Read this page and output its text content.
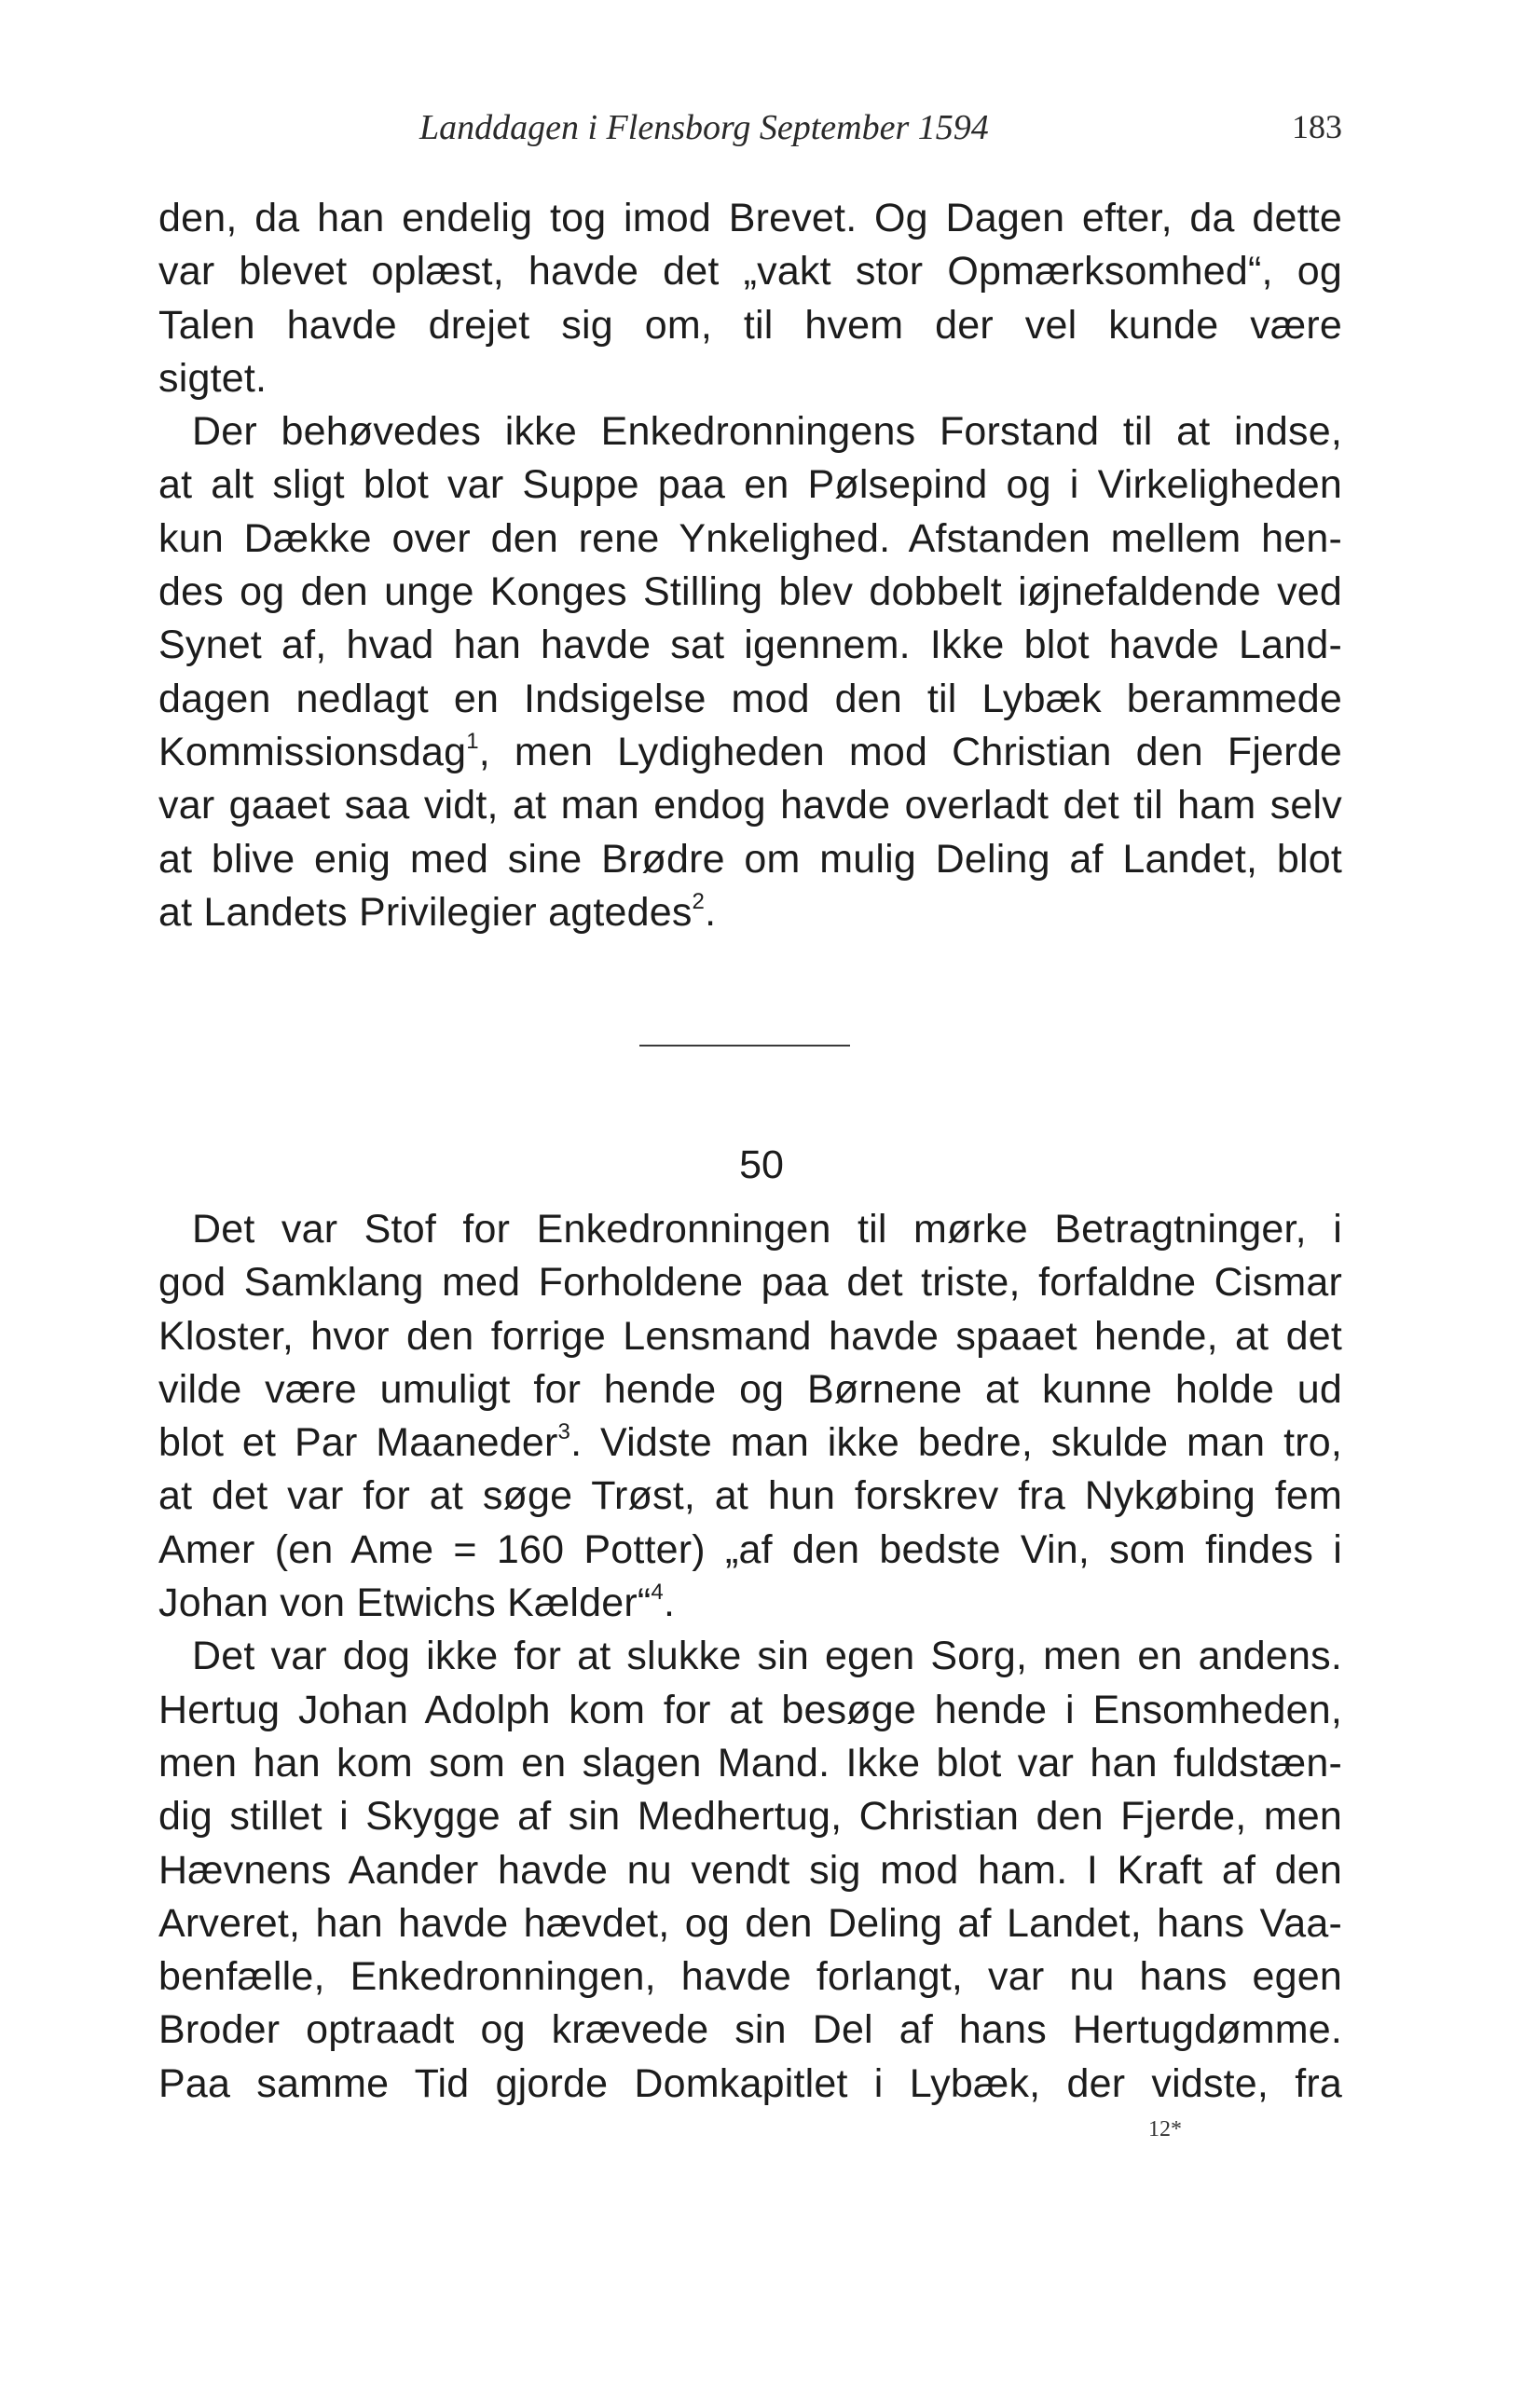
Landdagen i Flensborg September 1594	183
den, da han endelig tog imod Brevet. Og Dagen efter, da dette
var blevet oplæst, havde det „vakt stor Opmærksomhed“, og
Talen havde drejet sig om, til hvem der vel kunde være
sigtet.
Der behøvedes ikke Enkedronningens Forstand til at indse,
at alt sligt blot var Suppe paa en Pølsepind og i Virkeligheden
kun Dække over den rene Ynkelighed. Afstanden mellem hen-
des og den unge Konges Stilling blev dobbelt iøjnefaldende ved
Synet af, hvad han havde sat igennem. Ikke blot havde Land-
dagen nedlagt en Indsigelse mod den til Lybæk berammede
Kommissionsdag$^1$, men Lydigheden mod Christian den Fjerde
var gaaet saa vidt, at man endog havde overladt det til ham selv
at blive enig med sine Brødre om mulig Deling af Landet, blot
at Landets Privilegier agtedes$^2$.
50
Det var Stof for Enkedronningen til mørke Betragtninger, i
god Samklang med Forholdene paa det triste, forfaldne Cismar
Kloster, hvor den forrige Lensmand havde spaaet hende, at det
vilde være umuligt for hende og Børnene at kunne holde ud
blot et Par Maaneder$^3$. Vidste man ikke bedre, skulde man tro,
at det var for at søge Trøst, at hun forskrev fra Nykøbing fem
Amer (en Ame = 160 Potter) „af den bedste Vin, som findes i
Johan von Etwichs Kælder“$^4$.
Det var dog ikke for at slukke sin egen Sorg, men en andens.
Hertug Johan Adolph kom for at besøge hende i Ensomheden,
men han kom som en slagen Mand. Ikke blot var han fuldstæn-
dig stillet i Skygge af sin Medhertug, Christian den Fjerde, men
Hævnens Aander havde nu vendt sig mod ham. I Kraft af den
Arveret, han havde hævdet, og den Deling af Landet, hans Vaa-
benfælle, Enkedronningen, havde forlangt, var nu hans egen
Broder optraadt og krævede sin Del af hans Hertugdømme.
Paa samme Tid gjorde Domkapitlet i Lybæk, der vidste, fra
12*
